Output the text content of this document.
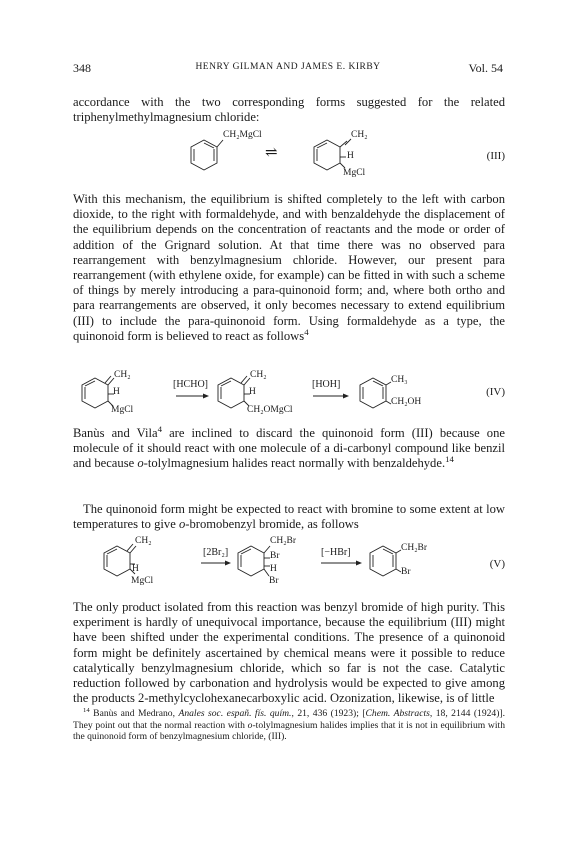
348	HENRY GILMAN AND JAMES E. KIRBY	Vol. 54
accordance with the two corresponding forms suggested for the related triphenylmethylmagnesium chloride:
CH₂MgCl
⇌
CH₂
H
MgCl
(III)
With this mechanism, the equilibrium is shifted completely to the left with carbon dioxide, to the right with formaldehyde, and with benzaldehyde the displacement of the equilibrium depends on the concentration of reactants and the mode or order of addition of the Grignard solution. At that time there was no observed para rearrangement with benzylmagnesium chloride. However, our present para rearrangement (with ethylene oxide, for example) can be fitted in with such a scheme of things by merely introducing a para-quinonoid form; and, where both ortho and para rearrangements are observed, it only becomes necessary to extend equilibrium (III) to include the para-quinonoid form. Using formaldehyde as a type, the quinonoid form is believed to react as follows$^4$
CH₂
H
MgCl
[HCHO]
CH₂
H
CH₂OMgCl
[HOH]	CH₃
CH₂OH
(IV)
Banùs and Vila$^4$ are inclined to discard the quinonoid form (III) because one molecule of it should react with one molecule of a di-carbonyl compound like benzil and because o-tolylmagnesium halides react normally with benzaldehyde.$^{14}$
The quinonoid form might be expected to react with bromine to some extent at low temperatures to give o-bromobenzyl bromide, as follows
CH₂
H
MgCl
[2Br₂]
CH₂Br
Br
H
Br
[−HBr]	CH₂Br
Br
(V)
The only product isolated from this reaction was benzyl bromide of high purity. This experiment is hardly of unequivocal importance, because the equilibrium (III) might have been shifted under the experimental conditions. The presence of a quinonoid form might be definitely ascertained by chemical means were it possible to reduce catalytically benzylmagnesium chloride, which so far is not the case. Catalytic reduction followed by carbonation and hydrolysis would be expected to give among the products 2-methylcyclohexanecarboxylic acid. Ozonization, likewise, is of little
$^{14}$ Banùs and Medrano, Anales soc. españ. fís. quím., 21, 436 (1923); [Chem. Abstracts, 18, 2144 (1924)]. They point out that the normal reaction with o-tolylmagnesium halides implies that it is not in equilibrium with the quinonoid form of benzylmagnesium chloride, (III).
